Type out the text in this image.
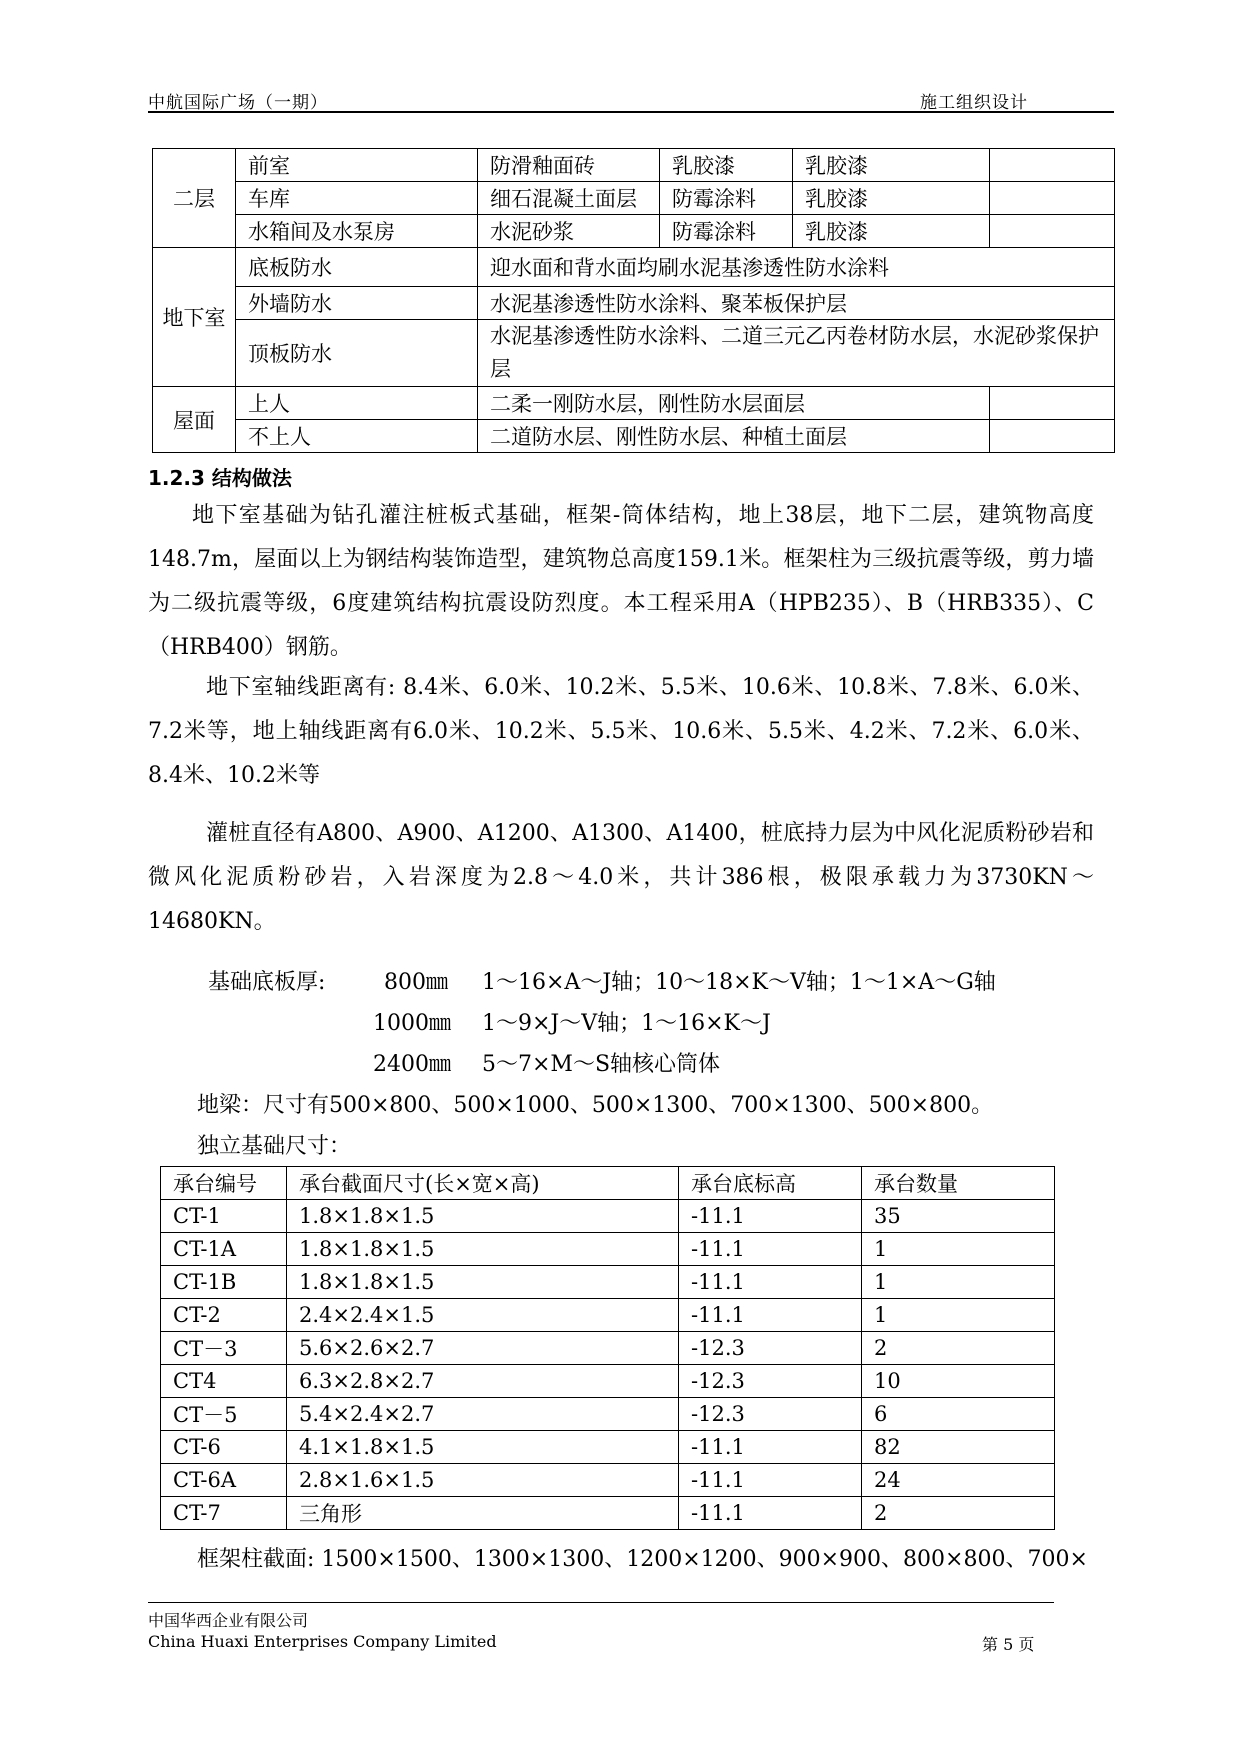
中航国际广场（一期）	施工组织设计
二层	前室	防滑釉面砖	乳胶漆	乳胶漆	
	车库	细石混凝土面层	防霉涂料	乳胶漆	
	水箱间及水泵房	水泥砂浆	防霉涂料	乳胶漆	
地下室	底板防水	迎水面和背水面均刷水泥基渗透性防水涂料			
	外墙防水	水泥基渗透性防水涂料、聚苯板保护层			
	顶板防水	水泥基渗透性防水涂料、二道三元乙丙卷材防水层，水泥砂浆保护层			
屋面	上人	二柔一刚防水层，刚性防水层面层			
	不上人	二道防水层、刚性防水层、种植土面层			
1.2.3 结构做法

地下室基础为钻孔灌注桩板式基础，框架-筒体结构，地上38层，地下二层，建筑物高度148.7m，屋面以上为钢结构装饰造型，建筑物总高度159.1米。框架柱为三级抗震等级，剪力墙为二级抗震等级，6度建筑结构抗震设防烈度。本工程采用A（HPB235）、B（HRB335）、C（HRB400）钢筋。

地下室轴线距离有: 8.4米、6.0米、10.2米、5.5米、10.6米、10.8米、7.8米、6.0米、7.2米等，地上轴线距离有6.0米、10.2米、5.5米、10.6米、5.5米、4.2米、7.2米、6.0米、8.4米、10.2米等

灌桩直径有A800、A900、A1200、A1300、A1400，桩底持力层为中风化泥质粉砂岩和微风化泥质粉砂岩，入岩深度为2.8～4.0米，共计386根，极限承载力为3730KN～14680KN。

基础底板厚:	800㎜ 1～16×A～J轴；10～18×K～V轴；1～1×A～G轴
1000㎜ 1～9×J～V轴；1～16×K～J
2400㎜ 5～7×M～S轴核心筒体
地梁：尺寸有500×800、500×1000、500×1300、700×1300、500×800。
独立基础尺寸：
承台编号	承台截面尺寸(长×宽×高)	承台底标高	承台数量
CT-1	1.8×1.8×1.5	-11.1	35
CT-1A	1.8×1.8×1.5	-11.1	1
CT-1B	1.8×1.8×1.5	-11.1	1
CT-2	2.4×2.4×1.5	-11.1	1
CT－3	5.6×2.6×2.7	-12.3	2
CT4	6.3×2.8×2.7	-12.3	10
CT－5	5.4×2.4×2.7	-12.3	6
CT-6	4.1×1.8×1.5	-11.1	82
CT-6A	2.8×1.6×1.5	-11.1	24
CT-7	三角形	-11.1	2
框架柱截面: 1500×1500、1300×1300、1200×1200、900×900、800×800、700×
中国华西企业有限公司
China Huaxi Enterprises Company Limited	第 5 页
